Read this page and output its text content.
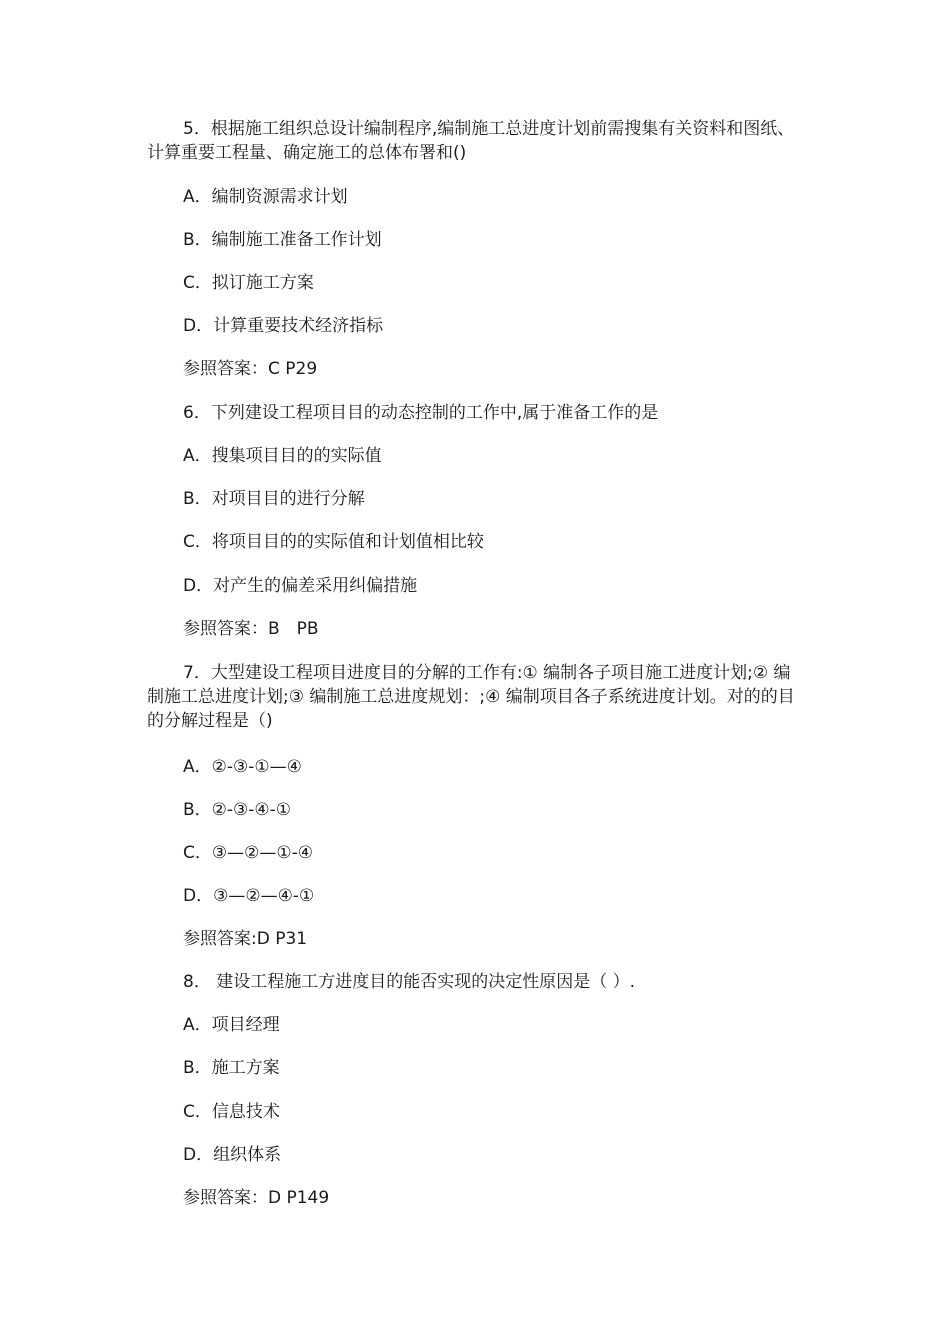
5．根据施工组织总设计编制程序,编制施工总进度计划前需搜集有关资料和图纸、计算重要工程量、确定施工的总体布署和()

A．编制资源需求计划

B．编制施工准备工作计划

C．拟订施工方案

D．计算重要技术经济指标

参照答案：C P29

6．下列建设工程项目目的动态控制的工作中,属于准备工作的是

A．搜集项目目的的实际值

B．对项目目的进行分解

C．将项目目的的实际值和计划值相比较

D．对产生的偏差采用纠偏措施

参照答案：B　PB

7．大型建设工程项目进度目的分解的工作有:① 编制各子项目施工进度计划;② 编制施工总进度计划;③ 编制施工总进度规划：;④ 编制项目各子系统进度计划。对的的目的分解过程是（)

A．②-③-①—④

B．②-③-④-①

C．③—②—①-④

D．③—②—④-①

参照答案:D P31

8． 建设工程施工方进度目的能否实现的决定性原因是（ ）.

A．项目经理

B．施工方案

C．信息技术

D．组织体系

参照答案：D P149
